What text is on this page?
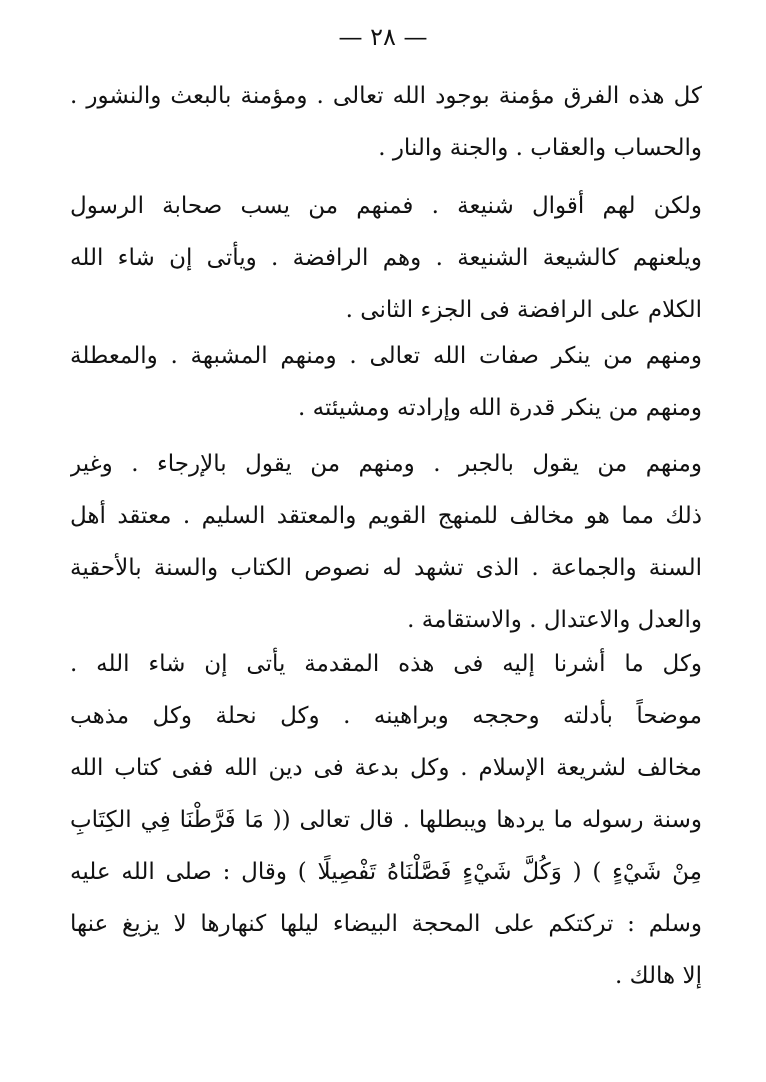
— ٢٨ —
كل هذه الفرق مؤمنة بوجود الله تعالى . ومؤمنة بالبعث والنشور .
والحساب والعقاب . والجنة والنار .
ولكن لهم أقوال شنيعة . فمنهم من يسب صحابة الرسول
ويلعنهم كالشيعة الشنيعة . وهم الرافضة . ويأتى إن شاء الله
الكلام على الرافضة فى الجزء الثانى .
ومنهم من ينكر صفات الله تعالى . ومنهم المشبهة . والمعطلة
ومنهم من ينكر قدرة الله وإرادته ومشيئته .
ومنهم من يقول بالجبر . ومنهم من يقول بالإرجاء . وغير
ذلك مما هو مخالف للمنهج القويم والمعتقد السليم . معتقد أهل
السنة والجماعة . الذى تشهد له نصوص الكتاب والسنة بالأحقية
والعدل والاعتدال . والاستقامة .
وكل ما أشرنا إليه فى هذه المقدمة يأتى إن شاء الله .
موضحاً بأدلته وحججه وبراهينه . وكل نحلة وكل مذهب
مخالف لشريعة الإسلام . وكل بدعة فى دين الله ففى كتاب الله
وسنة رسوله ما يردها ويبطلها . قال تعالى (( مَا فَرَّطْنَا فِي الكِتَابِ
مِنْ شَيْءٍ ) ( وَكُلَّ شَيْءٍ فَصَّلْنَاهُ تَفْصِيلًا ) وقال : صلى الله عليه
وسلم : تركتكم على المحجة البيضاء ليلها كنهارها لا يزيغ عنها
إلا هالك .
